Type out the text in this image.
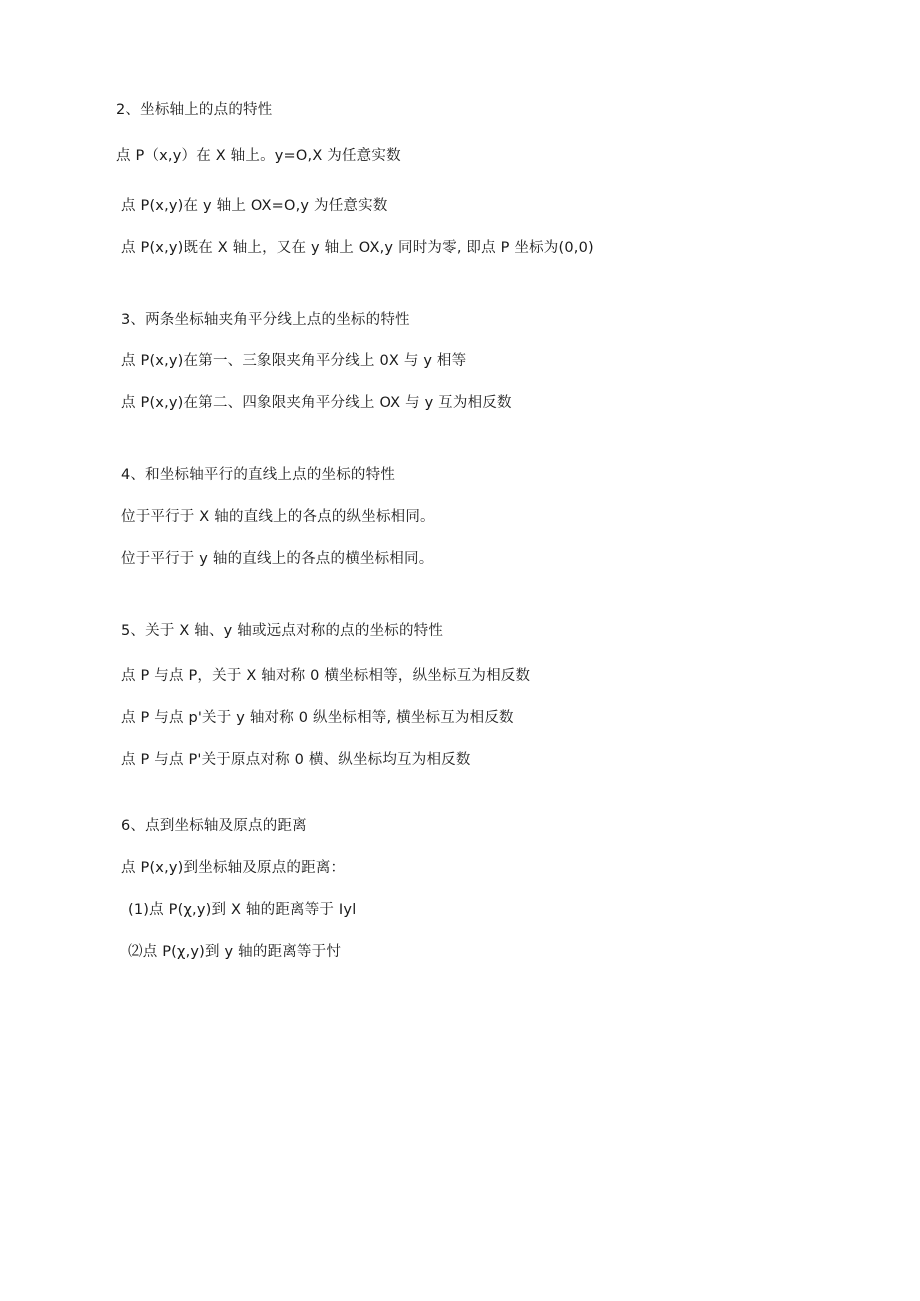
2、坐标轴上的点的特性
点 P（x,y）在 X 轴上。y=O,X 为任意实数
点 P(x,y)在 y 轴上 OX=O,y 为任意实数
点 P(x,y)既在 X 轴上，又在 y 轴上 OX,y 同时为零, 即点 P 坐标为(0,0)
3、两条坐标轴夹角平分线上点的坐标的特性
点 P(x,y)在第一、三象限夹角平分线上 0X 与 y 相等
点 P(x,y)在第二、四象限夹角平分线上 OX 与 y 互为相反数
4、和坐标轴平行的直线上点的坐标的特性
位于平行于 X 轴的直线上的各点的纵坐标相同。
位于平行于 y 轴的直线上的各点的横坐标相同。
5、关于 X 轴、y 轴或远点对称的点的坐标的特性
点 P 与点 P，关于 X 轴对称 0 横坐标相等，纵坐标互为相反数
点 P 与点 p'关于 y 轴对称 0 纵坐标相等, 横坐标互为相反数
点 P 与点 P'关于原点对称 0 横、纵坐标均互为相反数
6、点到坐标轴及原点的距离
点 P(x,y)到坐标轴及原点的距离：
(1)点 P(χ,y)到 X 轴的距离等于 Iyl
⑵点 P(χ,y)到 y 轴的距离等于忖
